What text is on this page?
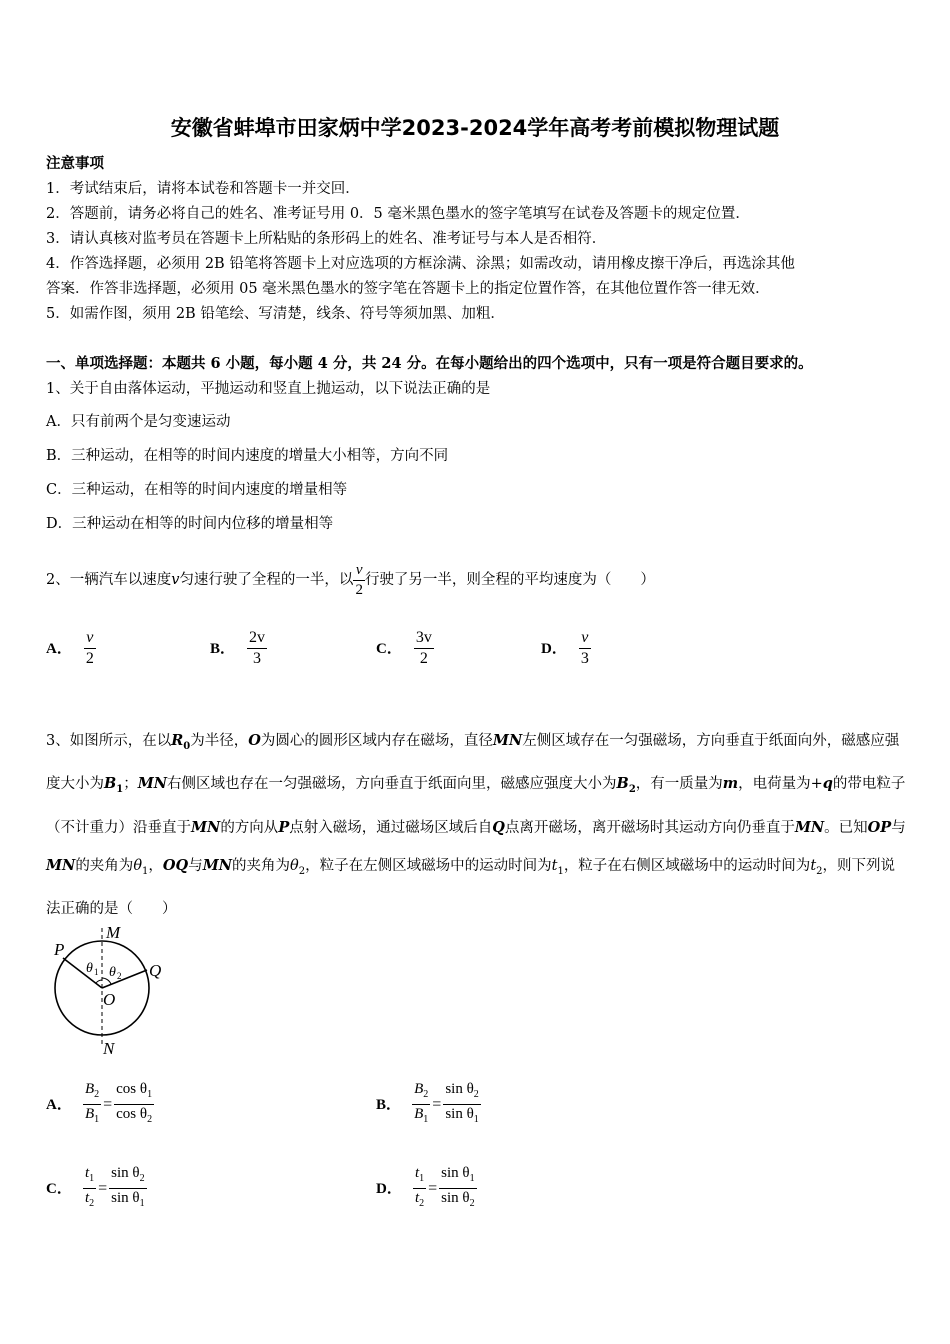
安徽省蚌埠市田家炳中学2023-2024学年高考考前模拟物理试题
注意事项
1．考试结束后，请将本试卷和答题卡一并交回．
2．答题前，请务必将自己的姓名、准考证号用 0．5 毫米黑色墨水的签字笔填写在试卷及答题卡的规定位置．
3．请认真核对监考员在答题卡上所粘贴的条形码上的姓名、准考证号与本人是否相符．
4．作答选择题，必须用 2B 铅笔将答题卡上对应选项的方框涂满、涂黑；如需改动，请用橡皮擦干净后，再选涂其他
答案．作答非选择题，必须用 05 毫米黑色墨水的签字笔在答题卡上的指定位置作答，在其他位置作答一律无效．
5．如需作图，须用 2B 铅笔绘、写清楚，线条、符号等须加黑、加粗．
一、单项选择题：本题共 6 小题，每小题 4 分，共 24 分。在每小题给出的四个选项中，只有一项是符合题目要求的。
1、关于自由落体运动，平抛运动和竖直上抛运动，以下说法正确的是
A．只有前两个是匀变速运动
B．三种运动，在相等的时间内速度的增量大小相等，方向不同
C．三种运动，在相等的时间内速度的增量相等
D．三种运动在相等的时间内位移的增量相等
2、一辆汽车以速度v匀速行驶了全程的一半，以 $\frac{v}{2}$ 行驶了另一半，则全程的平均速度为（　　）
A． $\frac{v}{2}$	B． $\frac{2v}{3}$	C． $\frac{3v}{2}$	D． $\frac{v}{3}$
3、如图所示，在以$R_0$为半径，O为圆心的圆形区域内存在磁场，直径MN左侧区域存在一匀强磁场，方向垂直于纸面向外，磁感应强度大小为$B_1$；MN右侧区域也存在一匀强磁场，方向垂直于纸面向里，磁感应强度大小为$B_2$，有一质量为m，电荷量为+q的带电粒子（不计重力）沿垂直于MN的方向从P点射入磁场，通过磁场区域后自Q点离开磁场，离开磁场时其运动方向仍垂直于MN。已知OP与MN的夹角为$\theta_1$，OQ与MN的夹角为$\theta_2$，粒子在左侧区域磁场中的运动时间为$t_1$，粒子在右侧区域磁场中的运动时间为$t_2$，则下列说法正确的是（　　）
M
N
P
Q
O
θ 1 θ 2
A． $\frac{B_2}{B_1} = \frac{\cos \theta_1}{\cos \theta_2}$	B． $\frac{B_2}{B_1} = \frac{\sin \theta_2}{\sin \theta_1}$
C． $\frac{t_1}{t_2} = \frac{\sin \theta_2}{\sin \theta_1}$	D． $\frac{t_1}{t_2} = \frac{\sin \theta_1}{\sin \theta_2}$
